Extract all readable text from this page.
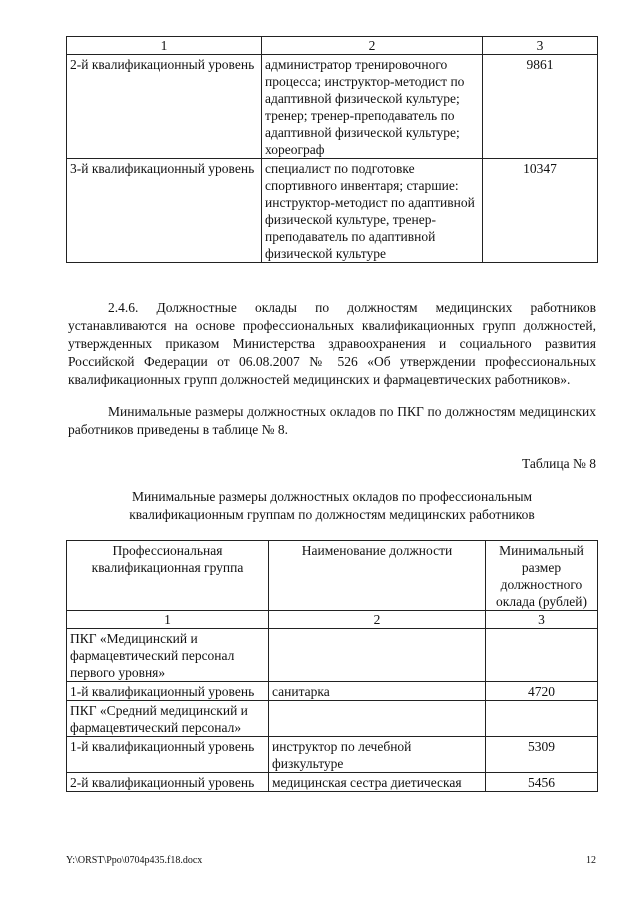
1	2	3
2-й квалификационный уровень	администратор тренировочного процесса; инструктор-методист по адаптивной физической культуре; тренер; тренер-преподаватель по адаптивной физической культуре; хореограф	9861
3-й квалификационный уровень	специалист по подготовке спортивного инвентаря; старшие: инструктор-методист по адаптивной физической культуре, тренер-преподаватель по адаптивной физической культуре	10347

2.4.6. Должностные оклады по должностям медицинских работников устанавливаются на основе профессиональных квалификационных групп должностей, утвержденных приказом Министерства здравоохранения и социального развития Российской Федерации от 06.08.2007 № 526 «Об утверждении профессиональных квалификационных групп должностей медицинских и фармацевтических работников».

Минимальные размеры должностных окладов по ПКГ по должностям медицинских работников приведены в таблице № 8.

Таблица № 8

Минимальные размеры должностных окладов по профессиональным

квалификационным группам по должностям медицинских работников

Профессиональная квалификационная группа	Наименование должности	Минимальный размер должностного оклада (рублей)
1	2	3
ПКГ «Медицинский и фармацевтический персонал первого уровня»		
1-й квалификационный уровень	санитарка	4720
ПКГ «Средний медицинский и фармацевтический персонал»		
1-й квалификационный уровень	инструктор по лечебной физкультуре	5309
2-й квалификационный уровень	медицинская сестра диетическая	5456
Y:\ORST\Ppo\0704p435.f18.docx	12
